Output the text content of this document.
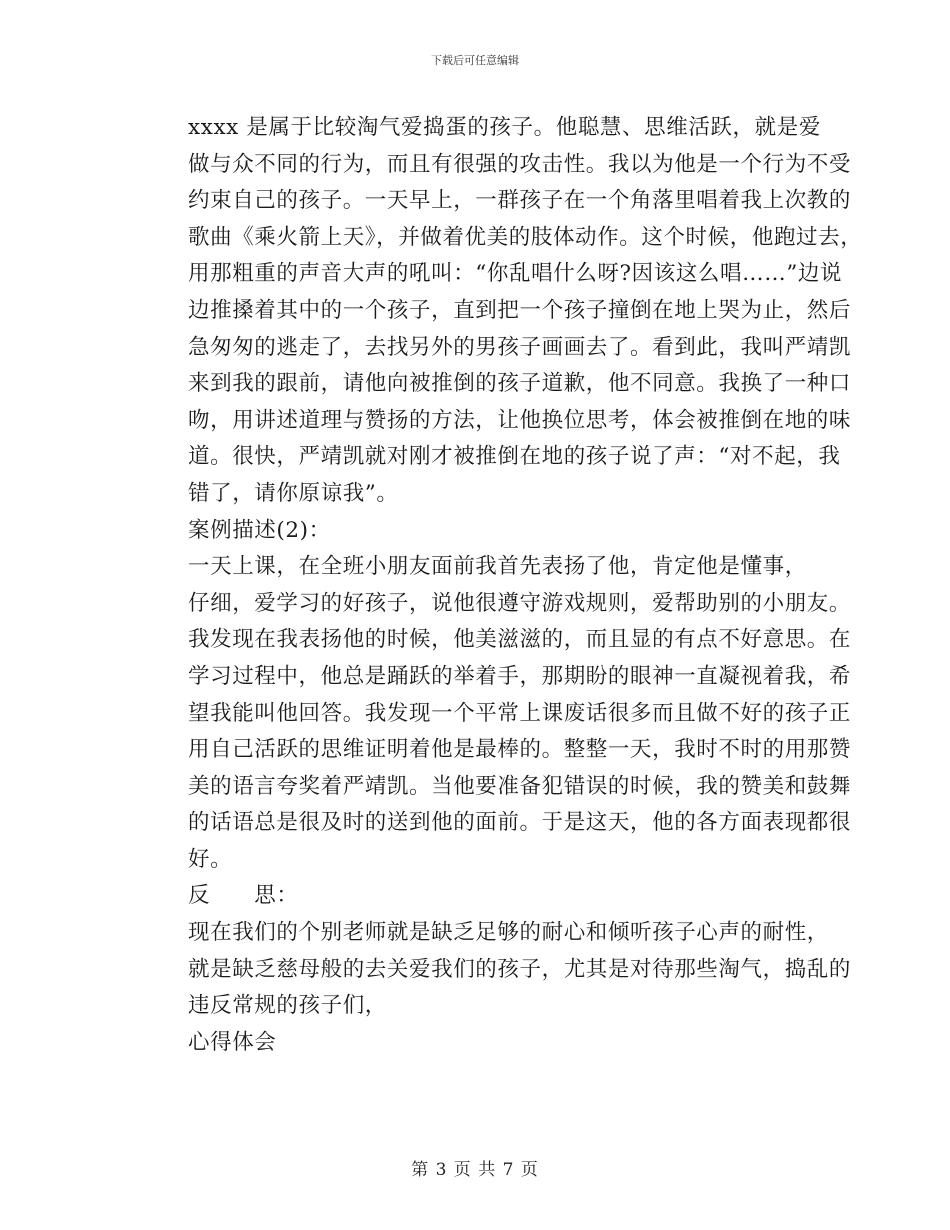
下载后可任意编辑
xxxx 是属于比较淘气爱捣蛋的孩子。他聪慧、思维活跃，就是爱
做与众不同的行为，而且有很强的攻击性。我以为他是一个行为不受
约束自己的孩子。一天早上，一群孩子在一个角落里唱着我上次教的
歌曲《乘火箭上天》，并做着优美的肢体动作。这个时候，他跑过去，
用那粗重的声音大声的吼叫：“你乱唱什么呀?因该这么唱……”边说
边推搡着其中的一个孩子，直到把一个孩子撞倒在地上哭为止，然后
急匆匆的逃走了，去找另外的男孩子画画去了。看到此，我叫严靖凯
来到我的跟前，请他向被推倒的孩子道歉，他不同意。我换了一种口
吻，用讲述道理与赞扬的方法，让他换位思考，体会被推倒在地的味
道。很快，严靖凯就对刚才被推倒在地的孩子说了声：“对不起，我
错了，请你原谅我”。
案例描述(2)：
一天上课，在全班小朋友面前我首先表扬了他，肯定他是懂事，
仔细，爱学习的好孩子，说他很遵守游戏规则，爱帮助别的小朋友。
我发现在我表扬他的时候，他美滋滋的，而且显的有点不好意思。在
学习过程中，他总是踊跃的举着手，那期盼的眼神一直凝视着我，希
望我能叫他回答。我发现一个平常上课废话很多而且做不好的孩子正
用自己活跃的思维证明着他是最棒的。整整一天，我时不时的用那赞
美的语言夸奖着严靖凯。当他要准备犯错误的时候，我的赞美和鼓舞
的话语总是很及时的送到他的面前。于是这天，他的各方面表现都很
好。
反　　思：
现在我们的个别老师就是缺乏足够的耐心和倾听孩子心声的耐性，
就是缺乏慈母般的去关爱我们的孩子，尤其是对待那些淘气，捣乱的
违反常规的孩子们，
心得体会
第 3 页 共 7 页
